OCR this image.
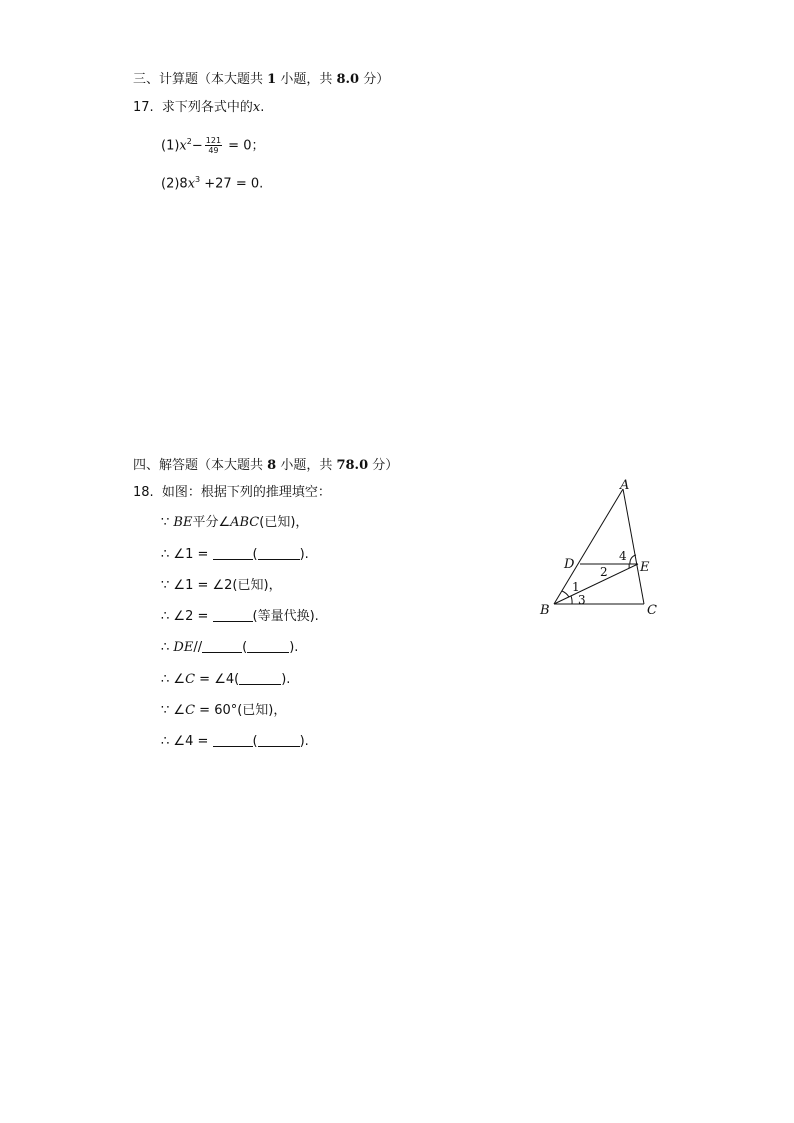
三、计算题（本大题共 1 小题，共 8.0 分）
17. 求下列各式中的x.
$(1)x^2- \frac{121}{49} = 0$；
$(2)8x^3 +27 = 0$.
四、解答题（本大题共 8 小题，共 78.0 分）
18. 如图：根据下列的推理填空：
∵ BE平分∠ABC(已知)，
∴ ∠1 =	(	).
∵ ∠1 = ∠2(已知)，
∴ ∠2 =	(等量代换).
∴ DE//	(	).
∴ ∠C = ∠4(	).
∵ ∠C = 60°(已知)，
∴ ∠4 =	(	).
A
B	C
D	E
1
2
3
4
